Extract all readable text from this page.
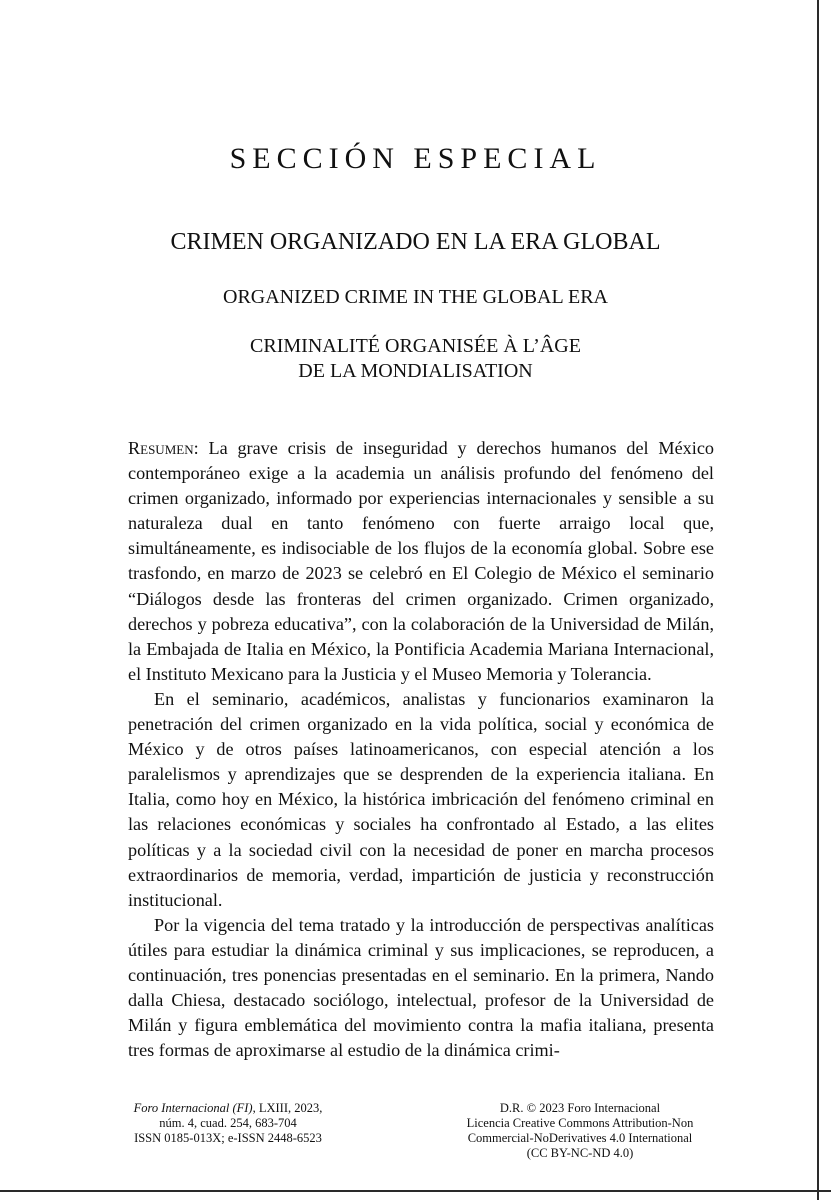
SECCIÓN ESPECIAL
CRIMEN ORGANIZADO EN LA ERA GLOBAL
ORGANIZED CRIME IN THE GLOBAL ERA
CRIMINALITÉ ORGANISÉE À L’ÂGE
DE LA MONDIALISATION

Resumen: La grave crisis de inseguridad y derechos humanos del México contemporáneo exige a la academia un análisis profundo del fenómeno del crimen organizado, informado por experiencias internacionales y sensible a su naturaleza dual en tanto fenómeno con fuerte arraigo local que, simultáneamente, es indisociable de los flujos de la economía global. Sobre ese trasfondo, en marzo de 2023 se celebró en El Colegio de México el seminario “Diálogos desde las fronteras del crimen organizado. Crimen organizado, derechos y pobreza educativa”, con la colaboración de la Universidad de Milán, la Embajada de Italia en México, la Pontificia Academia Mariana Internacional, el Instituto Mexicano para la Justicia y el Museo Memoria y Tolerancia.

En el seminario, académicos, analistas y funcionarios examinaron la penetración del crimen organizado en la vida política, social y económica de México y de otros países latinoamericanos, con especial atención a los paralelismos y aprendizajes que se desprenden de la experiencia italiana. En Italia, como hoy en México, la histórica imbricación del fenómeno criminal en las relaciones económicas y sociales ha confrontado al Estado, a las elites políticas y a la sociedad civil con la necesidad de poner en marcha procesos extraordinarios de memoria, verdad, impartición de justicia y reconstrucción institucional.

Por la vigencia del tema tratado y la introducción de perspectivas analíticas útiles para estudiar la dinámica criminal y sus implicaciones, se reproducen, a continuación, tres ponencias presentadas en el seminario. En la primera, Nando dalla Chiesa, destacado sociólogo, intelectual, profesor de la Universidad de Milán y figura emblemática del movimiento contra la mafia italiana, presenta tres formas de aproximarse al estudio de la dinámica crimi-

Foro Internacional (FI), LXIII, 2023,
núm. 4, cuad. 254, 683-704
ISSN 0185-013X; e-ISSN 2448-6523
D.R. © 2023 Foro Internacional
Licencia Creative Commons Attribution-Non
Commercial-NoDerivatives 4.0 International
(CC BY-NC-ND 4.0)
